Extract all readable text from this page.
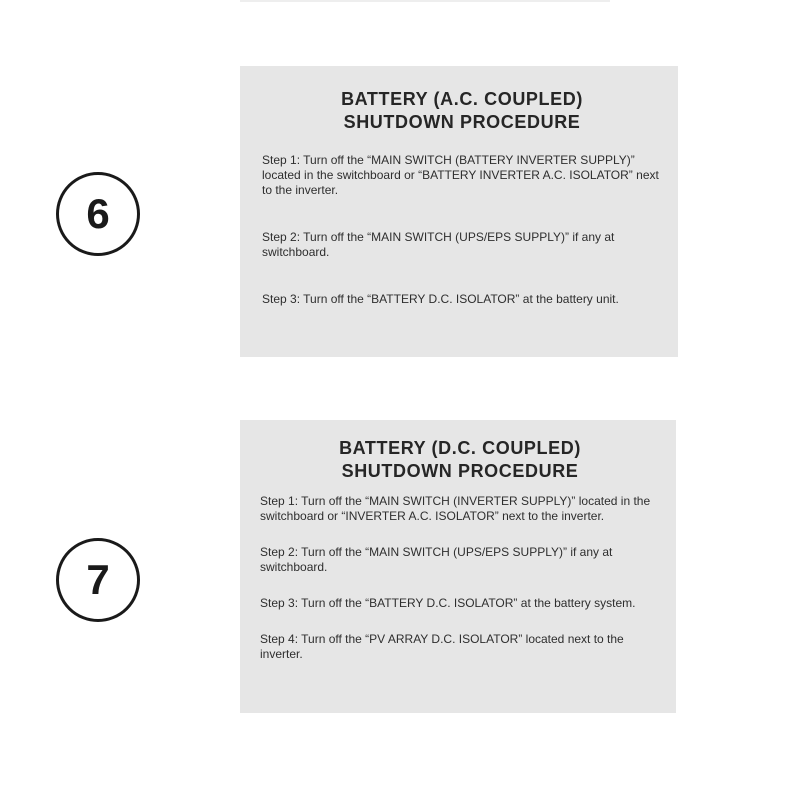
6
BATTERY (A.C. COUPLED)
SHUTDOWN PROCEDURE

Step 1: Turn off the “MAIN SWITCH (BATTERY INVERTER SUPPLY)” located in the switchboard or “BATTERY INVERTER A.C. ISOLATOR” next to the inverter.

Step 2: Turn off the “MAIN SWITCH (UPS/EPS SUPPLY)” if any at switchboard.

Step 3: Turn off the “BATTERY D.C. ISOLATOR” at the battery unit.

7
BATTERY (D.C. COUPLED)
SHUTDOWN PROCEDURE

Step 1: Turn off the “MAIN SWITCH (INVERTER SUPPLY)” located in the switchboard or “INVERTER A.C. ISOLATOR” next to the inverter.

Step 2: Turn off the “MAIN SWITCH (UPS/EPS SUPPLY)” if any at switchboard.

Step 3: Turn off the “BATTERY D.C. ISOLATOR” at the battery system.

Step 4: Turn off the “PV ARRAY D.C. ISOLATOR” located next to the inverter.
